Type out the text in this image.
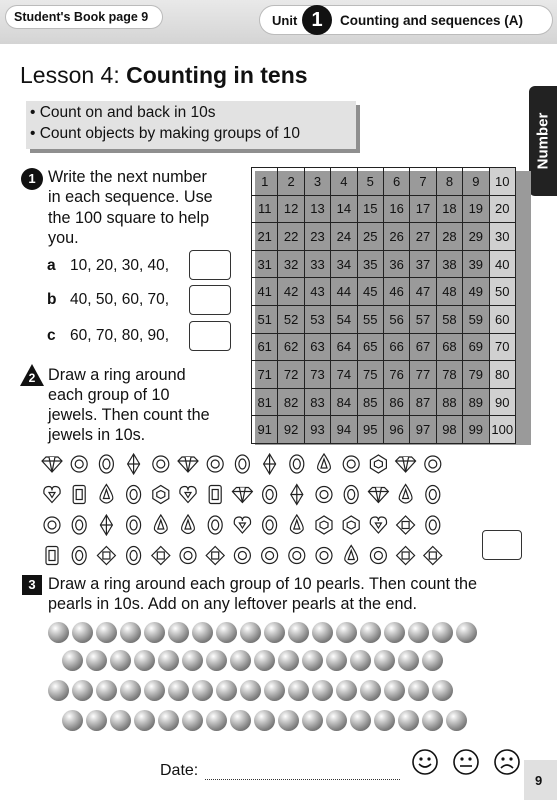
Student's Book page 9	Unit 1	Counting and sequences (A)
Number
Lesson 4: Counting in tens
• Count on and back in 10s
• Count objects by making groups of 10
1 Write the next number
in each sequence. Use
the 100 square to help
you.
a 10, 20, 30, 40,
b 40, 50, 60, 70,
c 60, 70, 80, 90,
2 Draw a ring around
each group of 10
jewels. Then count the
jewels in 10s.
1	2	3	4	5	6	7	8	9	10
11	12	13	14	15	16	17	18	19	20
21	22	23	24	25	26	27	28	29	30
31	32	33	34	35	36	37	38	39	40
41	42	43	44	45	46	47	48	49	50
51	52	53	54	55	56	57	58	59	60
61	62	63	64	65	66	67	68	69	70
71	72	73	74	75	76	77	78	79	80
81	82	83	84	85	86	87	88	89	90
91	92	93	94	95	96	97	98	99	100
3 Draw a ring around each group of 10 pearls. Then count the
pearls in 10s. Add on any leftover pearls at the end.
Date:
9
